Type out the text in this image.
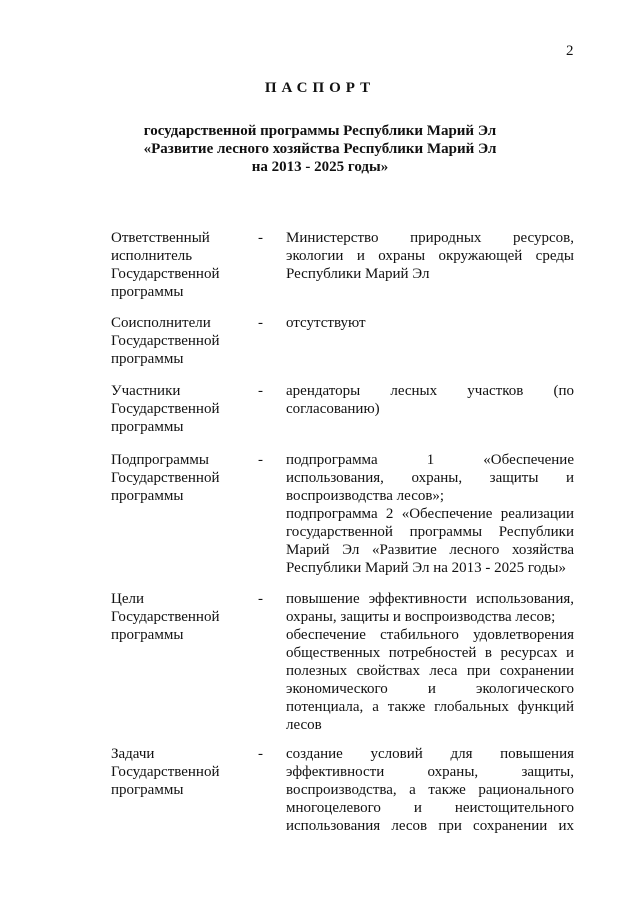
2
ПАСПОРТ
государственной программы Республики Марий Эл
«Развитие лесного хозяйства Республики Марий Эл
на 2013 - 2025 годы»
Ответственный
исполнитель
Государственной
программы
-	Министерство природных ресурсов, экологии и охраны окружающей среды Республики Марий Эл

Соисполнители
Государственной
программы
-	отсутствуют

Участники
Государственной
программы
-	арендаторы лесных участков (по согласованию)

Подпрограммы
Государственной
программы
-	подпрограмма 1 «Обеспечение использования, охраны, защиты и воспроизводства лесов»;

подпрограмма 2 «Обеспечение реализации государственной программы Республики Марий Эл «Развитие лесного хозяйства Республики Марий Эл на 2013 - 2025 годы»

Цели
Государственной
программы
-	повышение эффективности использования, охраны, защиты и воспроизводства лесов;

обеспечение стабильного удовлетворения общественных потребностей в ресурсах и полезных свойствах леса при сохранении экономического и экологического потенциала, а также глобальных функций лесов

Задачи
Государственной
программы
-	создание условий для повышения эффективности охраны, защиты, воспроизводства, а также рационального многоцелевого и неистощительного использования лесов при сохранении их
